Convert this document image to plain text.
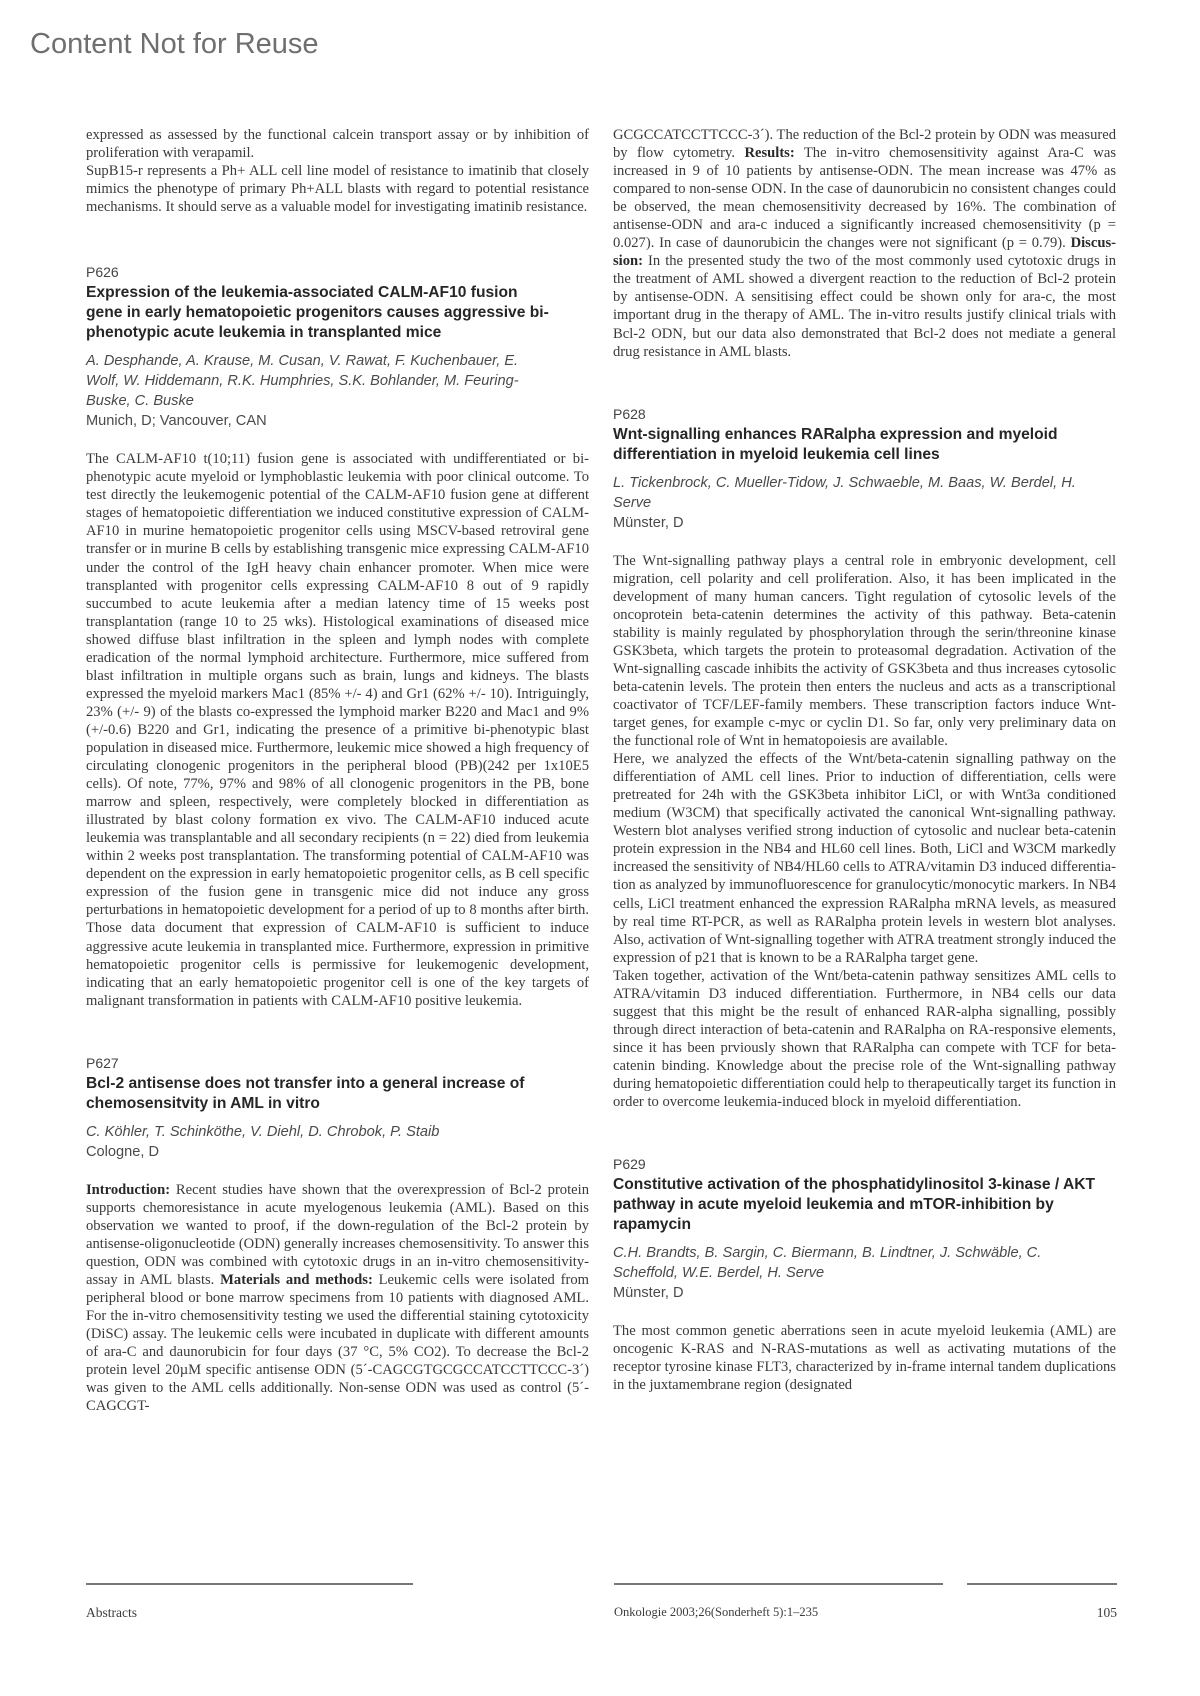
Content Not for Reuse

expressed as assessed by the functional calcein transport assay or by inhibition of proliferation with verapamil.

SupB15-r represents a Ph+ ALL cell line model of resistance to imatinib that closely mimics the phenotype of primary Ph+ALL blasts with regard to potential resistance mechanisms. It should serve as a valuable model for investigating imatinib resistance.

P626
Expression of the leukemia-associated CALM-AF10 fusion gene in early hematopoietic progenitors causes aggressive bi-phenotypic acute leukemia in transplanted mice
A. Desphande, A. Krause, M. Cusan, V. Rawat, F. Kuchenbauer, E. Wolf, W. Hiddemann, R.K. Humphries, S.K. Bohlander, M. Feuring-Buske, C. Buske
Munich, D; Vancouver, CAN

The CALM-AF10 t(10;11) fusion gene is associated with undifferentiated or bi-phenotypic acute myeloid or lymphoblastic leukemia with poor clinical outcome. To test directly the leukemogenic potential of the CALM-AF10 fusion gene at different stages of hematopoietic differentiation we induced constitutive expression of CALM-AF10 in murine hematopoietic progenitor cells using MSCV-based retroviral gene transfer or in murine B cells by establishing transgenic mice expressing CALM-AF10 under the control of the IgH heavy chain enhancer promoter. When mice were transplanted with progenitor cells expressing CALM-AF10 8 out of 9 rapidly succumbed to acute leukemia after a median latency time of 15 weeks post transplantation (range 10 to 25 wks). Histological examinations of diseased mice showed diffuse blast infiltration in the spleen and lymph nodes with complete eradication of the normal lymphoid architecture. Furthermore, mice suffered from blast infiltration in multiple organs such as brain, lungs and kidneys. The blasts expressed the myeloid markers Mac1 (85% +/- 4) and Gr1 (62% +/- 10). Intriguingly, 23% (+/- 9) of the blasts co-expressed the lymphoid marker B220 and Mac1 and 9% (+/-0.6) B220 and Gr1, indicating the presence of a primitive bi-phenotypic blast population in diseased mice. Furthermore, leukemic mice showed a high frequency of circulating clonogenic progenitors in the peripheral blood (PB)(242 per 1x10E5 cells). Of note, 77%, 97% and 98% of all clonogenic progenitors in the PB, bone marrow and spleen, respectively, were completely blocked in differentiation as illustrated by blast colony formation ex vivo. The CALM-AF10 induced acute leukemia was transplantable and all secondary recipients (n = 22) died from leukemia within 2 weeks post transplantation. The transforming potential of CALM-AF10 was dependent on the expression in early hematopoietic progenitor cells, as B cell specific expression of the fusion gene in transgenic mice did not induce any gross perturbations in hematopoietic development for a period of up to 8 months after birth. Those data document that expression of CALM-AF10 is sufficient to induce aggressive acute leukemia in transplanted mice. Furthermore, expression in primitive hematopoietic progenitor cells is permissive for leukemogenic development, indicating that an early hematopoietic progenitor cell is one of the key targets of malignant transformation in patients with CALM-AF10 positive leukemia.

P627
Bcl-2 antisense does not transfer into a general increase of chemosensitvity in AML in vitro
C. Köhler, T. Schinköthe, V. Diehl, D. Chrobok, P. Staib
Cologne, D

Introduction: Recent studies have shown that the overexpression of Bcl-2 protein supports chemoresistance in acute myelogenous leukemia (AML). Based on this observation we wanted to proof, if the down-regulation of the Bcl-2 protein by antisense-oligonucleotide (ODN) generally increases chemosensitivity. To answer this question, ODN was combined with cytotoxic drugs in an in-vitro chemosensitivity-assay in AML blasts. Materials and methods: Leukemic cells were isolated from peripheral blood or bone marrow specimens from 10 patients with diagnosed AML. For the in-vitro chemosensitivity testing we used the differential staining cytotoxicity (DiSC) assay. The leukemic cells were incubated in duplicate with different amounts of ara-C and daunorubicin for four days (37 °C, 5% CO2). To decrease the Bcl-2 protein level 20µM specific antisense ODN (5´-CAGCGTGCGCCATCCTTCCC-3´) was given to the AML cells additionally. Non-sense ODN was used as control (5´-CAGCGT-

GCGCCATCCTTCCC-3´). The reduction of the Bcl-2 protein by ODN was measured by flow cytometry. Results: The in-vitro chemosensitivity against Ara-C was increased in 9 of 10 patients by antisense-ODN. The mean increase was 47% as compared to non-sense ODN. In the case of daunorubicin no consistent changes could be observed, the mean chemosensitivity decreased by 16%. The combination of antisense-ODN and ara-c induced a significantly increased chemosensitivity (p = 0.027). In case of daunorubicin the changes were not significant (p = 0.79). Discussion: In the presented study the two of the most commonly used cytotoxic drugs in the treatment of AML showed a divergent reaction to the reduction of Bcl-2 protein by antisense-ODN. A sensitising effect could be shown only for ara-c, the most important drug in the therapy of AML. The in-vitro results justify clinical trials with Bcl-2 ODN, but our data also demonstrated that Bcl-2 does not mediate a general drug resistance in AML blasts.

P628
Wnt-signalling enhances RARalpha expression and myeloid differentiation in myeloid leukemia cell lines
L. Tickenbrock, C. Mueller-Tidow, J. Schwaeble, M. Baas, W. Berdel, H. Serve
Münster, D

The Wnt-signalling pathway plays a central role in embryonic development, cell migration, cell polarity and cell proliferation. Also, it has been implicated in the development of many human cancers. Tight regulation of cytosolic levels of the oncoprotein beta-catenin determines the activity of this pathway. Beta-catenin stability is mainly regulated by phosphorylation through the serin/threonine kinase GSK3beta, which targets the protein to proteasomal degradation. Activation of the Wnt-signalling cascade inhibits the activity of GSK3beta and thus increases cytosolic beta-catenin levels. The protein then enters the nucleus and acts as a transcriptional coactivator of TCF/LEF-family members. These transcription factors induce Wnt-target genes, for example c-myc or cyclin D1. So far, only very preliminary data on the functional role of Wnt in hematopoiesis are available.

Here, we analyzed the effects of the Wnt/beta-catenin signalling pathway on the differentiation of AML cell lines. Prior to induction of differentiation, cells were pretreated for 24h with the GSK3beta inhibitor LiCl, or with Wnt3a conditioned medium (W3CM) that specifically activated the canonical Wnt-signalling pathway. Western blot analyses verified strong induction of cytosolic and nuclear beta-catenin protein expression in the NB4 and HL60 cell lines. Both, LiCl and W3CM markedly increased the sensitivity of NB4/HL60 cells to ATRA/vitamin D3 induced differentiation as analyzed by immunofluorescence for granulocytic/monocytic markers. In NB4 cells, LiCl treatment enhanced the expression RARalpha mRNA levels, as measured by real time RT-PCR, as well as RARalpha protein levels in western blot analyses. Also, activation of Wnt-signalling together with ATRA treatment strongly induced the expression of p21 that is known to be a RARalpha target gene.

Taken together, activation of the Wnt/beta-catenin pathway sensitizes AML cells to ATRA/vitamin D3 induced differentiation. Furthermore, in NB4 cells our data suggest that this might be the result of enhanced RAR-alpha signalling, possibly through direct interaction of beta-catenin and RARalpha on RA-responsive elements, since it has been prviously shown that RARalpha can compete with TCF for beta-catenin binding. Knowledge about the precise role of the Wnt-signalling pathway during hematopoietic differentiation could help to therapeutically target its function in order to overcome leukemia-induced block in myeloid differentiation.

P629
Constitutive activation of the phosphatidylinositol 3-kinase / AKT pathway in acute myeloid leukemia and mTOR-inhibition by rapamycin
C.H. Brandts, B. Sargin, C. Biermann, B. Lindtner, J. Schwäble, C. Scheffold, W.E. Berdel, H. Serve
Münster, D

The most common genetic aberrations seen in acute myeloid leukemia (AML) are oncogenic K-RAS and N-RAS-mutations as well as activating mutations of the receptor tyrosine kinase FLT3, characterized by in-frame internal tandem duplications in the juxtamembrane region (designated

Abstracts	Onkologie 2003;26(Sonderheft 5):1–235	105
